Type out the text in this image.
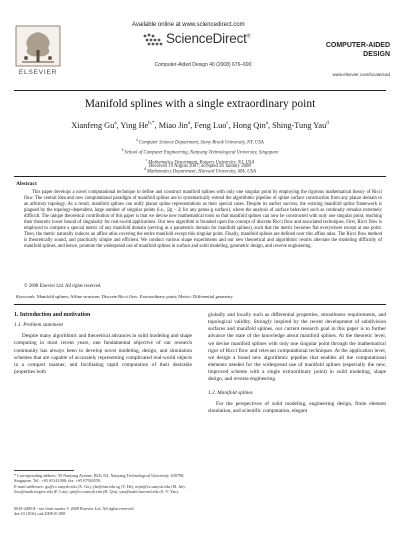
ELSEVIER
Available online at www.sciencedirect.com
ScienceDirect®
Computer-Aided Design 40 (2008) 676–690
COMPUTER-AIDED
DESIGN
www.elsevier.com/locate/cad
Manifold splines with a single extraordinary point
Xianfeng Gu$^a$, Ying $He^{b,*}$, Miao Jin$^a$, Feng Luo$^c$, Hong Qin$^a$, Shing-Tung Yau$^d$
$^a$ Computer Science Department, Stony Brook University, NY, USA
$^b$ School of Computer Engineering, Nanyang Technological University, Singapore
$^c$ Mathematics Department, Rutgers University, NJ, USA
$^d$ Mathematics Department, Harvard University, MA, USA
Received 19 August 2007; accepted 26 January 2008
Abstract
This paper develops a novel computational technique to define and construct manifold splines with only one singular point by employing the rigorous mathematical theory of Ricci flow. The central idea and new computational paradigm of manifold splines are to systematically extend the algorithmic pipeline of spline surface construction from any planar domain to an arbitrary topology. As a result, manifold splines can unify planar spline representations as their special cases. Despite its earlier success, the existing manifold spline framework is plagued by the topology-dependent, large number of singular points (i.e., |2g − 2| for any genus-g surface), where the analysis of surface behaviors such as continuity remains extremely difficult. The unique theoretical contribution of this paper is that we devise new mathematical tools so that manifold splines can now be constructed with only one singular point, reaching their theoretic lower bound of singularity for real-world applications. Our new algorithm is founded upon the concept of discrete Ricci flow and associated techniques. First, Ricci flow is employed to compute a special metric of any manifold domain (serving as a parametric domain for manifold splines), such that the metric becomes flat everywhere except at one point. Then, the metric naturally induces an affine atlas covering the entire manifold except this singular point. Finally, manifold splines are defined over this affine atlas. The Ricci flow method is theoretically sound, and practically simple and efficient. We conduct various shape experiments and our new theoretical and algorithmic results alleviate the modeling difficulty of manifold splines, and hence, promote the widespread use of manifold splines in surface and solid modeling, geometric design, and reverse engineering.
© 2008 Elsevier Ltd. All rights reserved.
Keywords: Manifold splines; Affine structure; Discrete Ricci flow; Extraordinary point; Metric; Differential geometry
1. Introduction and motivation
1.1. Problem statement
Despite many algorithmic and theoretical advances in solid modeling and shape computing in most recent years, one fundamental objective of our research community has always been to develop novel modeling, design, and simulation schemes that are capable of accurately representing complicated real-world objects in a compact manner, and facilitating rapid computation of their desirable properties both
globally and locally such as differential properties, smoothness requirements, and topological validity. Strongly inspired by the recent development of subdivision surfaces and manifold splines, our current research goal in this paper is to further advance the state of the knowledge about manifold splines. At the theoretic level, we devise manifold splines with only one singular point through the mathematical rigor of Ricci flow and relevant computational techniques. At the application level, we design a brand new algorithmic pipeline that enables all the computational elements needed for the widespread use of manifold splines (especially the new, improved scheme with a single extraordinary point) in solid modeling, shape design, and reverse engineering.
1.2. Manifold splines
For the perspectives of solid modeling, engineering design, finite element simulation, and scientific computation, elegant
* Corresponding address: 50 Nanyang Avenue, BLK N4, Nanyang Technological University, 639798, Singapore. Tel.: +65 65141008; fax: +65 67926559.
E-mail addresses: gu@cs.sunysb.edu (X. Gu), yhe@ntu.edu.sg (Y. He), mjin@cs.sunysb.edu (M. Jin), fluo@math.rutgers.edu (F. Luo), qin@cs.sunysb.edu (H. Qin), yau@math.harvard.edu (S.-T. Yau).
0010-4485/$ - see front matter © 2008 Elsevier Ltd. All rights reserved.
doi:10.1016/j.cad.2008.01.008
